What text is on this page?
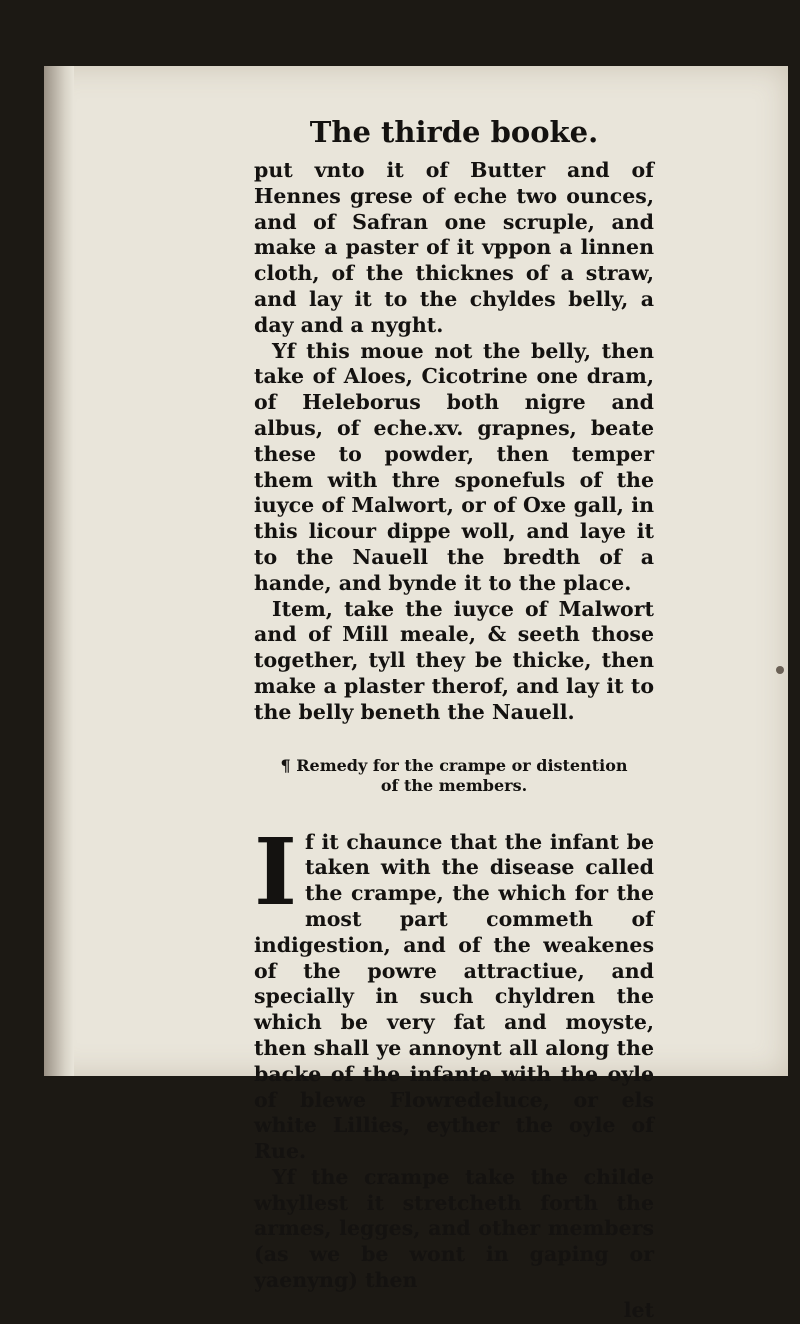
The thirde booke.

put vnto it of Butter and of Hennes grese of eche two ounces, and of Safran one scruple, and make a paster of it vppon a linnen cloth, of the thicknes of a straw, and lay it to the chyldes belly, a day and a nyght.

Yf this moue not the belly, then take of Aloes, Cicotrine one dram, of Heleborus both nigre and albus, of eche.xv. grapnes, beate these to powder, then temper them with thre sponefuls of the iuyce of Malwort, or of Oxe gall, in this licour dippe woll, and laye it to the Nauell the bredth of a hande, and bynde it to the place.

Item, take the iuyce of Malwort and of Mill meale, & seeth those together, tyll they be thicke, then make a plaster therof, and lay it to the belly beneth the Nauell.

¶ Remedy for the crampe or distention
of the members.

If it chaunce that the infant be taken with the disease called the crampe, the which for the most part commeth of indigestion, and of the weakenes of the powre attractiue, and specially in such chyldren the which be very fat and moyste, then shall ye annoynt all along the backe of the infante with the oyle of blewe Flowredeluce, or els white Lillies, eyther the oyle of Rue.

Yf the crampe take the childe whyllest it stretcheth forth the armes, legges, and other members (as we be wont in gaping or yaenyng) then

let
